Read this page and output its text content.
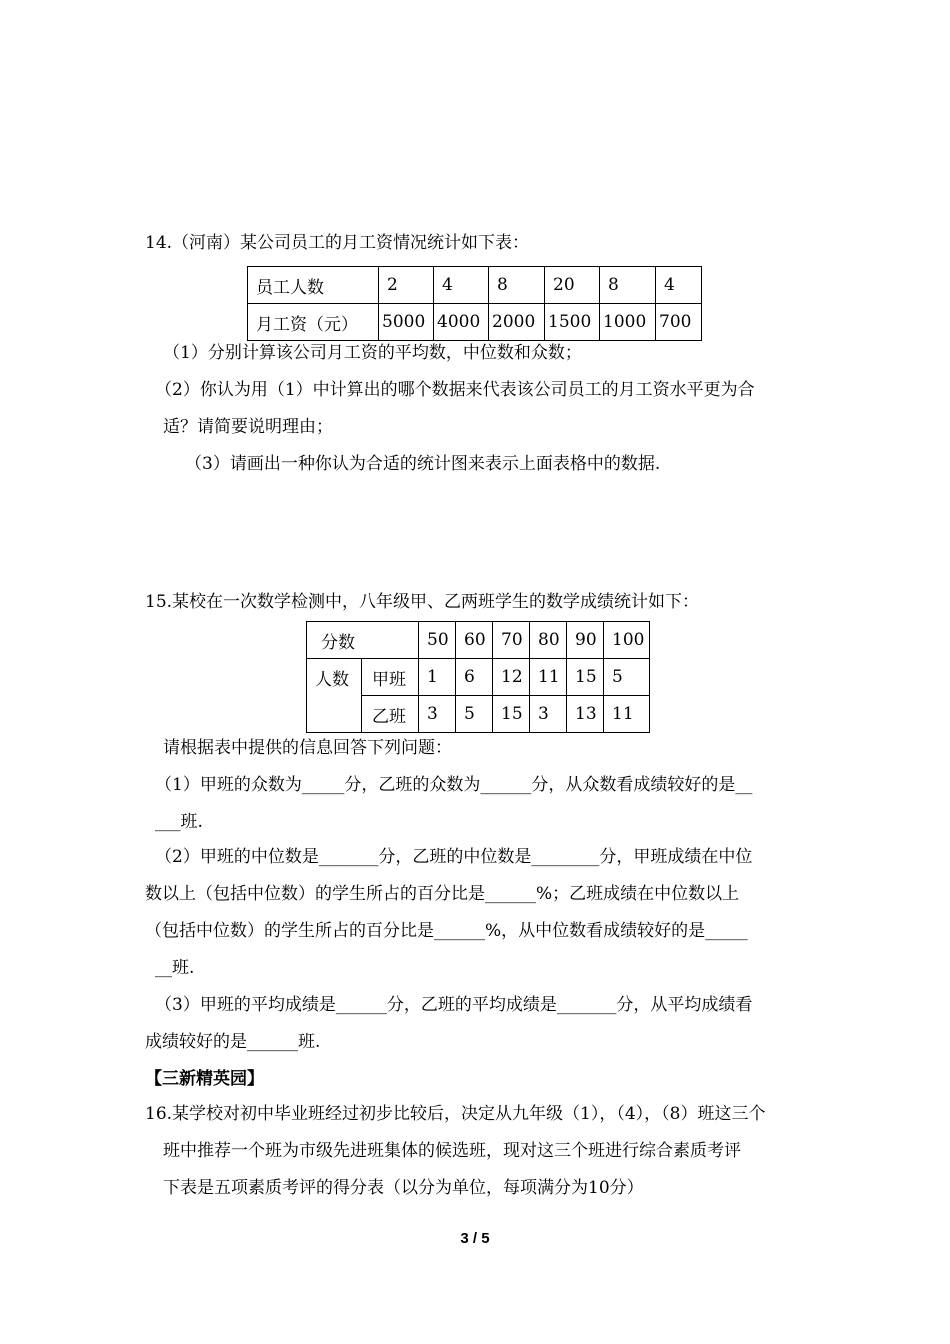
14.（河南）某公司员工的月工资情况统计如下表：
员工人数	2	4	8	20	8	4
月工资（元）	5000	4000	2000	1500	1000	700
（1）分别计算该公司月工资的平均数，中位数和众数；
（2）你认为用（1）中计算出的哪个数据来代表该公司员工的月工资水平更为合
适？请简要说明理由；
（3）请画出一种你认为合适的统计图来表示上面表格中的数据.
15.某校在一次数学检测中，八年级甲、乙两班学生的数学成绩统计如下：
分数		50	60	70	80	90	100
人数	甲班	1	6	12	11	15	5
	乙班	3	5	15	3	13	11
请根据表中提供的信息回答下列问题：
（1）甲班的众数为_____分，乙班的众数为______分，从众数看成绩较好的是__
___班.
（2）甲班的中位数是_______分，乙班的中位数是________分，甲班成绩在中位
数以上（包括中位数）的学生所占的百分比是______%；乙班成绩在中位数以上
（包括中位数）的学生所占的百分比是______%，从中位数看成绩较好的是_____
__班.
（3）甲班的平均成绩是______分，乙班的平均成绩是_______分，从平均成绩看
成绩较好的是______班.
【三新精英园】
16.某学校对初中毕业班经过初步比较后，决定从九年级（1），（4），（8）班这三个
班中推荐一个班为市级先进班集体的候选班，现对这三个班进行综合素质考评
下表是五项素质考评的得分表（以分为单位，每项满分为10分）
3 / 5
